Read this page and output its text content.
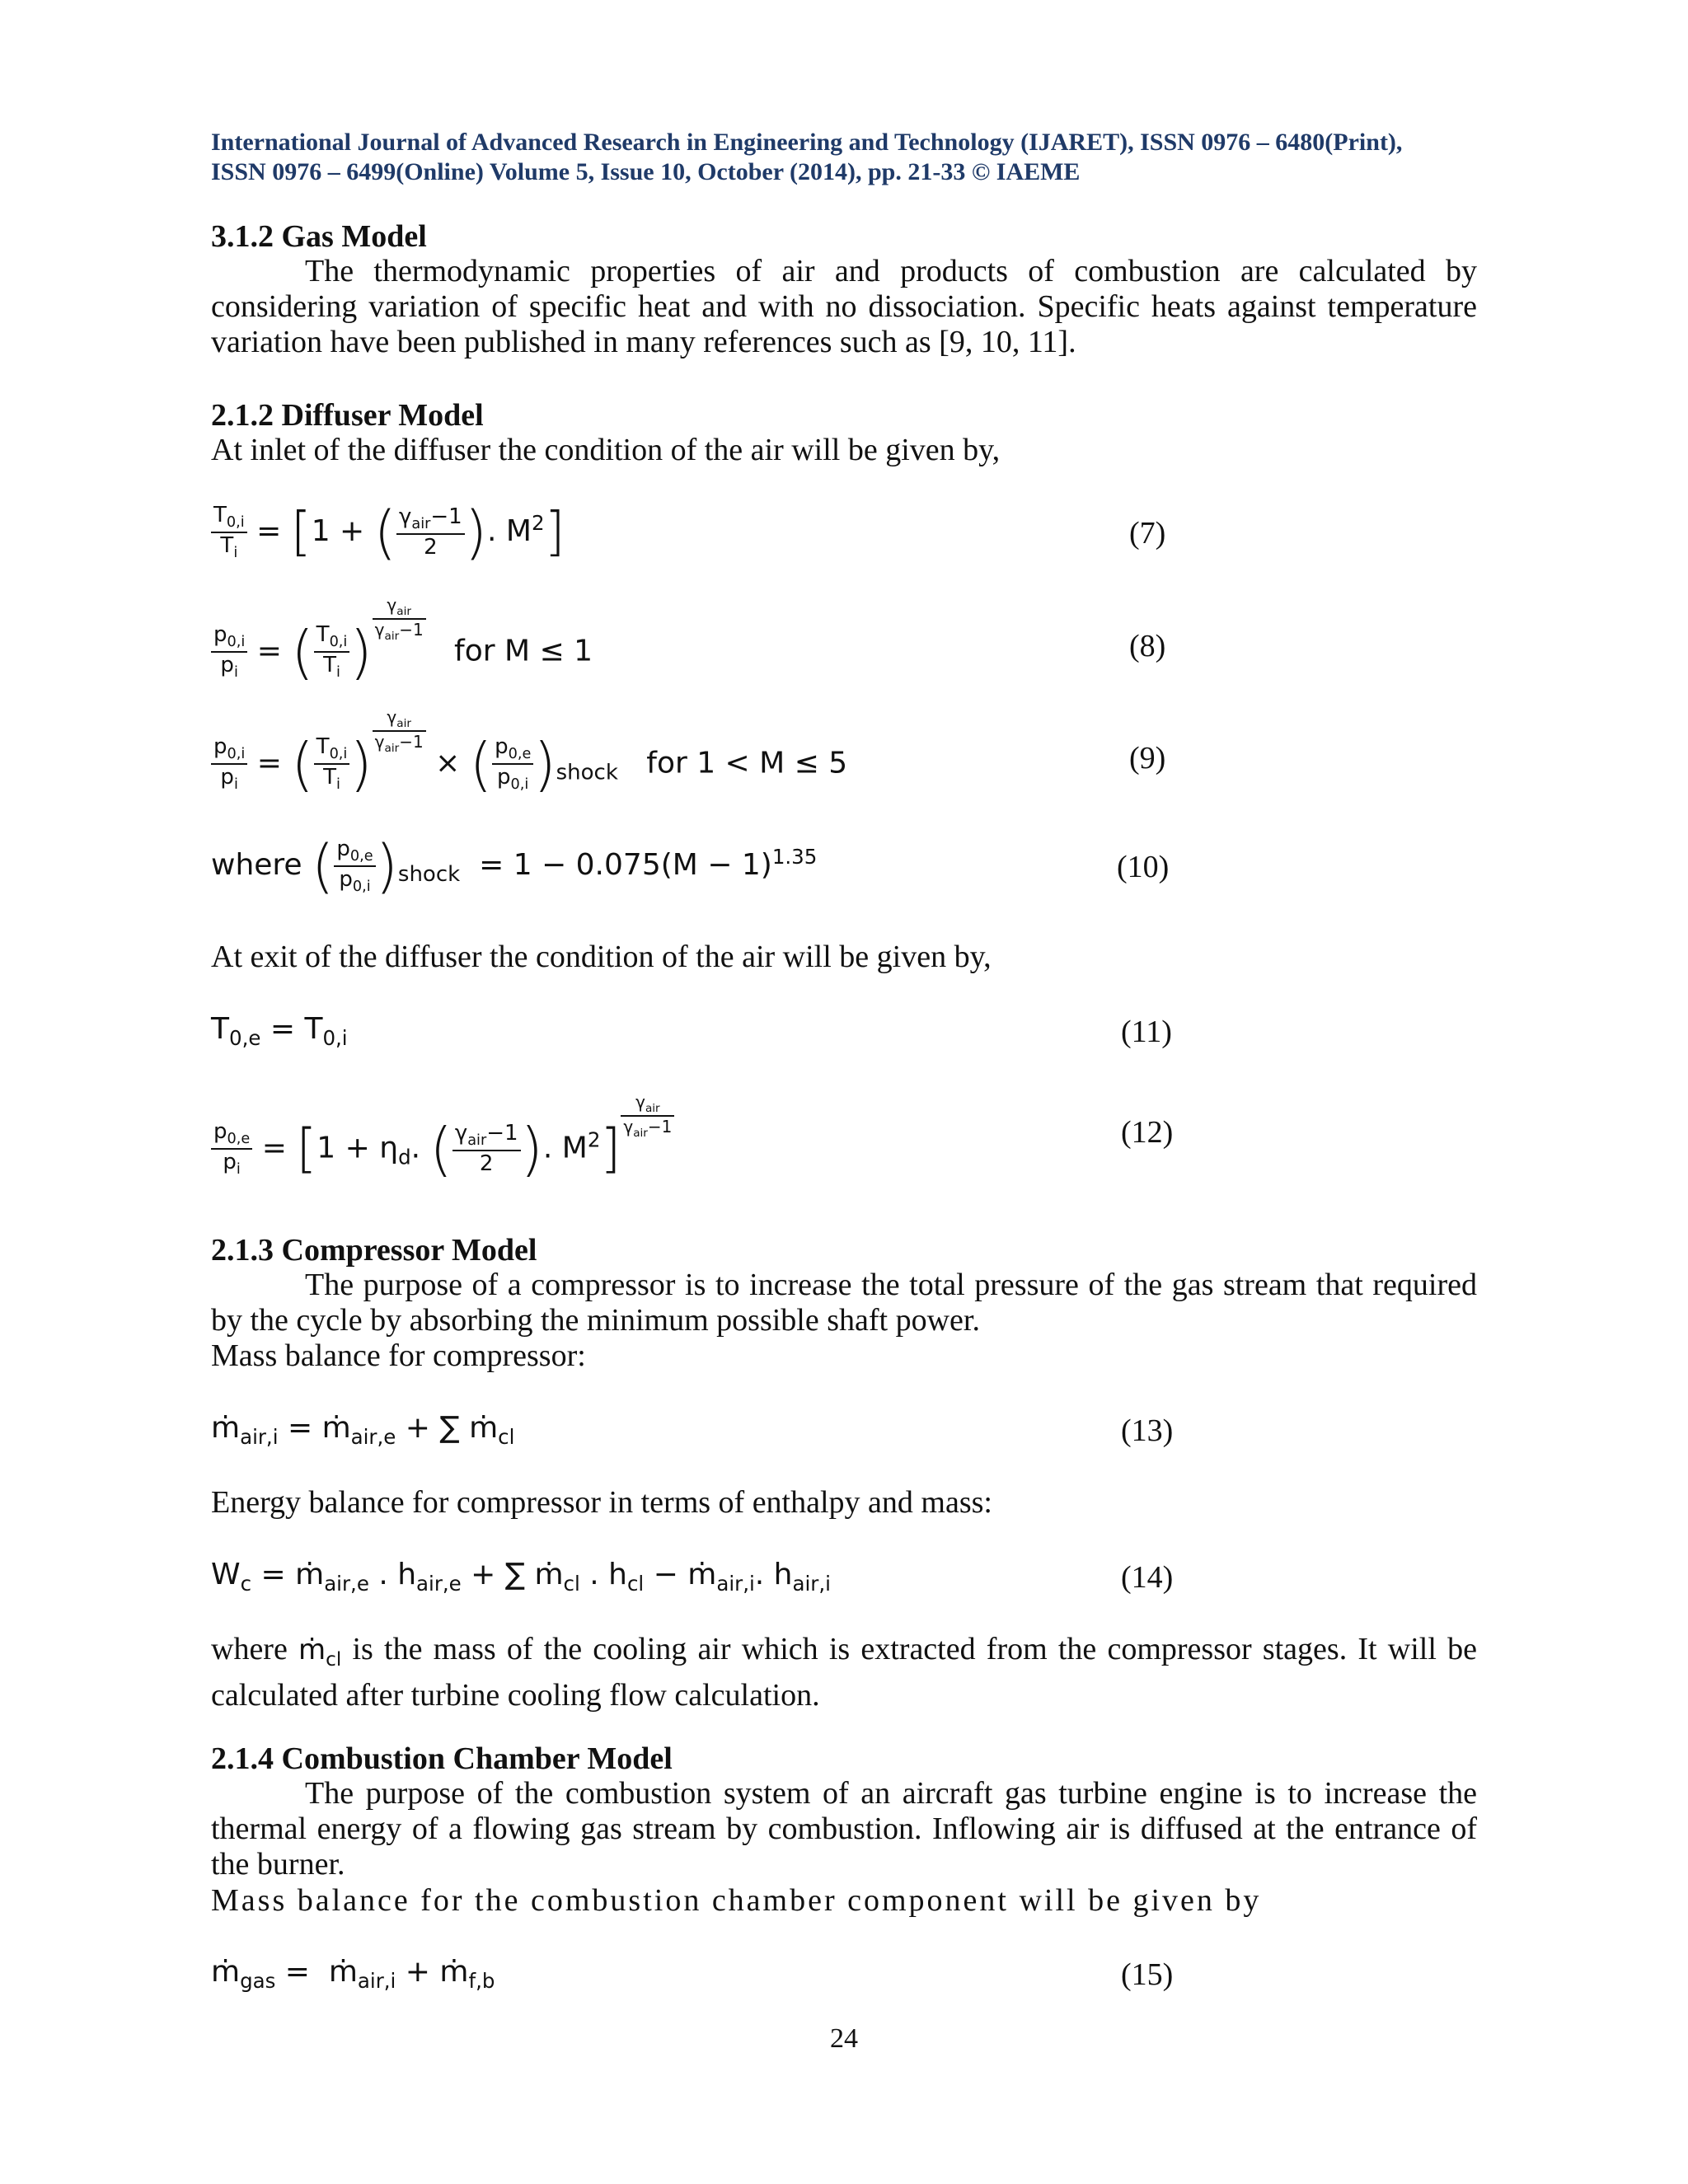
International Journal of Advanced Research in Engineering and Technology (IJARET), ISSN 0976 – 6480(Print),
ISSN 0976 – 6499(Online) Volume 5, Issue 10, October (2014), pp. 21-33 © IAEME
3.1.2 Gas Model
The thermodynamic properties of air and products of combustion are calculated by considering variation of specific heat and with no dissociation. Specific heats against temperature variation have been published in many references such as [9, 10, 11].
2.1.2 Diffuser Model
At inlet of the diffuser the condition of the air will be given by,
$\frac{T_{0,i}}{T_i} = [1$ + ( $\frac{\gamma_{air}-1}{2}$ ). $M^2$]	(7)
$\frac{p_{0,i}}{p_i}$ = ( $\frac{T_{0,i}}{T_i}$ ) $^{\frac{\gamma_{air}}{\gamma_{air}-1}}$
for M ≤ 1	(8)
$\frac{p_{0,i}}{p_i}$ = ( $\frac{T_{0,i}}{T_i}$ ) $^{\frac{\gamma_{air}}{\gamma_{air}-1}}$
× ( $\frac{p_{0,e}}{p_{0,i}} )_{shock}$ for 1 < M ≤ 5	(9)
where ( $\frac{p_{0,e}}{p_{0,i}} )_{shock} = 1 - 0.075(M - 1)^{1.35}$	(10)
At exit of the diffuser the condition of the air will be given by,
$T_{0,e} = T_{0,i}$	(11)
$\frac{p_{0,e}}{p_i} = [1 + \eta_d$. ( $\frac{\gamma_{air}-1}{2}$ ). $M^2$]
$^{\frac{\gamma_{air}}{\gamma_{air}-1}}$	(12)
2.1.3 Compressor Model
The purpose of a compressor is to increase the total pressure of the gas stream that required by the cycle by absorbing the minimum possible shaft power.
Mass balance for compressor:
ṁ$_{air,i}$ = ṁ$_{air,e}$ + ∑ ṁ$_{cl}$	(13)
Energy balance for compressor in terms of enthalpy and mass:
$W_c$ = ṁ$_{air,e}$ . $h_{air,e}$ + ∑ ṁ$_{cl}$ . $h_{cl}$ − ṁ$_{air,i}$. $h_{air,i}$	(14)
where ṁ$_{cl}$ is the mass of the cooling air which is extracted from the compressor stages. It will be calculated after turbine cooling flow calculation.
2.1.4 Combustion Chamber Model
The purpose of the combustion system of an aircraft gas turbine engine is to increase the thermal energy of a flowing gas stream by combustion. Inflowing air is diffused at the entrance of the burner.
Mass balance for the combustion chamber component will be given by
ṁ$_{gas}$ =  ṁ$_{air,i}$ + ṁ$_{f,b}$	(15)
24
